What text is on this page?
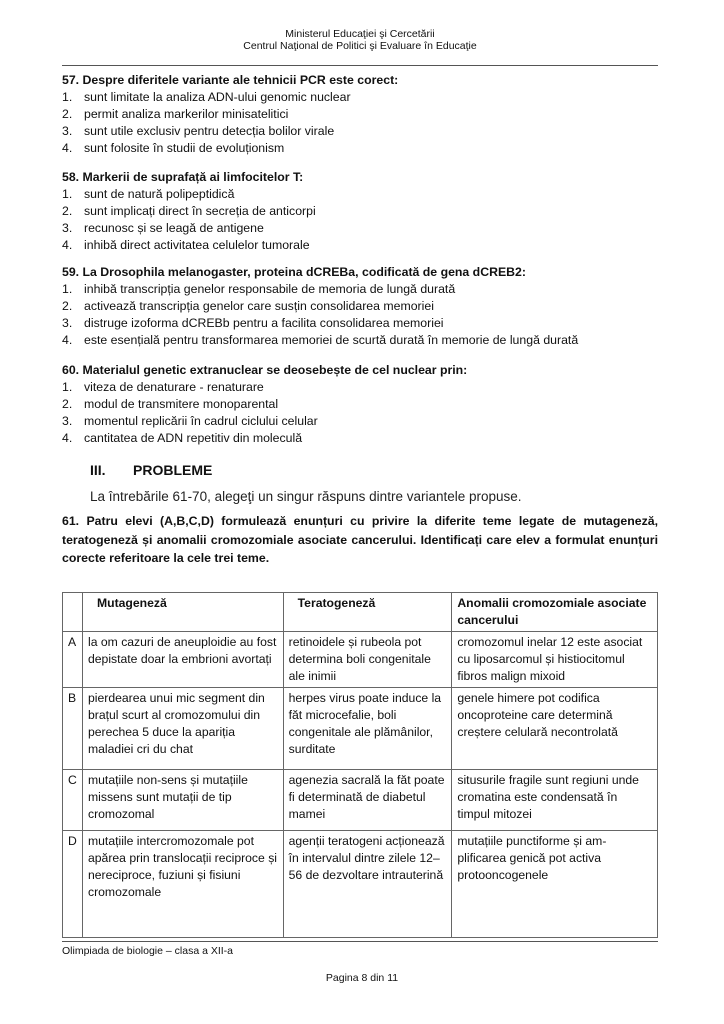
Ministerul Educaţiei şi Cercetării
Centrul Naţional de Politici şi Evaluare în Educaţie
57. Despre diferitele variante ale tehnicii PCR este corect:
1. sunt limitate la analiza ADN-ului genomic nuclear
2. permit analiza markerilor minisatelitici
3. sunt utile exclusiv pentru detecția bolilor virale
4. sunt folosite în studii de evoluționism
58. Markerii de suprafață ai limfocitelor T:
1. sunt de natură polipeptidică
2. sunt implicați direct în secreția de anticorpi
3. recunosc și se leagă de antigene
4. inhibă direct activitatea celulelor tumorale
59. La Drosophila melanogaster, proteina dCREBa, codificată de gena dCREB2:
1. inhibă transcripția genelor responsabile de memoria de lungă durată
2. activează transcripția genelor care susțin consolidarea memoriei
3. distruge izoforma dCREBb pentru a facilita consolidarea memoriei
4. este esențială pentru transformarea memoriei de scurtă durată în memorie de lungă durată
60. Materialul genetic extranuclear se deosebește de cel nuclear prin:
1. viteza de denaturare - renaturare
2. modul de transmitere monoparental
3. momentul replicării în cadrul ciclului celular
4. cantitatea de ADN repetitiv din moleculă
III. PROBLEME
La întrebările 61-70, alegeţi un singur răspuns dintre variantele propuse.
61. Patru elevi (A,B,C,D) formulează enunțuri cu privire la diferite teme legate de mutageneză, teratogeneză și anomalii cromozomiale asociate cancerului. Identificați care elev a formulat enunțuri corecte referitoare la cele trei teme.
	Mutageneză	Teratogeneză	Anomalii cromozomiale asociate cancerului
A	la om cazuri de aneuploidie au fost depistate doar la embrioni avortați	retinoidele și rubeola pot determina boli congenitale ale inimii	cromozomul inelar 12 este asociat cu liposarcomul și histiocitomul fibros malign mixoid
B	pierdearea unui mic segment din brațul scurt al cromozomului din perechea 5 duce la apariția maladiei cri du chat	herpes virus poate induce la făt microcefalie, boli congenitale ale plămânilor, surditate	genele himere pot codifica oncoproteine care determină creștere celulară necontrolată
C	mutațiile non-sens și mutațiile missens sunt mutații de tip cromozomal	agenezia sacrală la făt poate fi determinată de diabetul mamei	situsurile fragile sunt regiuni unde cromatina este condensată în timpul mitozei
D	mutațiile intercromozomale pot apărea prin translocații reciproce și nereciproce, fuziuni și fisiuni cromozomale	agenții teratogeni acționează în intervalul dintre zilele 12–56 de dezvoltare intrauterină	mutațiile punctiforme și am-plificarea genică pot activa protooncogenele
Olimpiada de biologie – clasa a XII-a
Pagina 8 din 11
